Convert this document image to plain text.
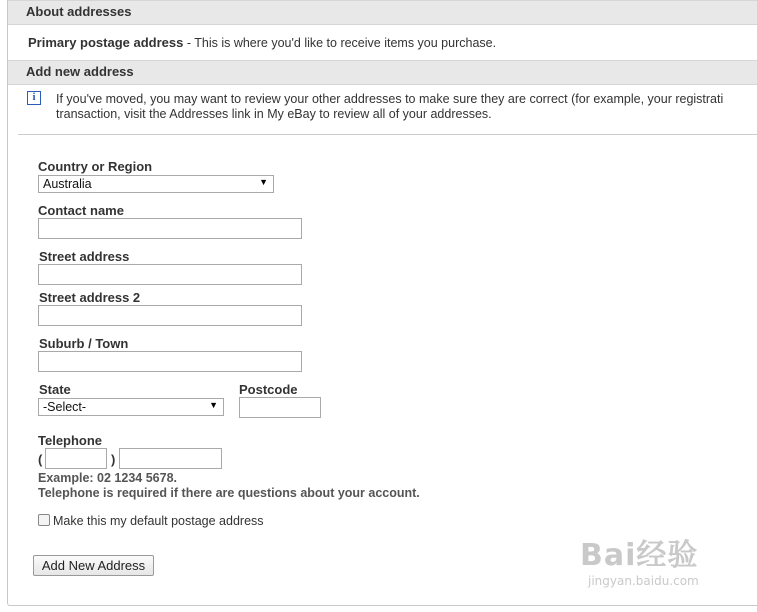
About addresses
Primary postage address - This is where you'd like to receive items you purchase.
Add new address
i	If you've moved, you may want to review your other addresses to make sure they are correct (for example, your registrati
transaction, visit the Addresses link in My eBay to review all of your addresses.
Country or Region
Australia	▼
Contact name
Street address
Street address 2
Suburb / Town
State
-Select-	▼
Postcode
Telephone
(	)
Example: 02 1234 5678.
Telephone is required if there are questions about your account.
Make this my default postage address
Add New Address	Bai经验
jingyan.baidu.com
